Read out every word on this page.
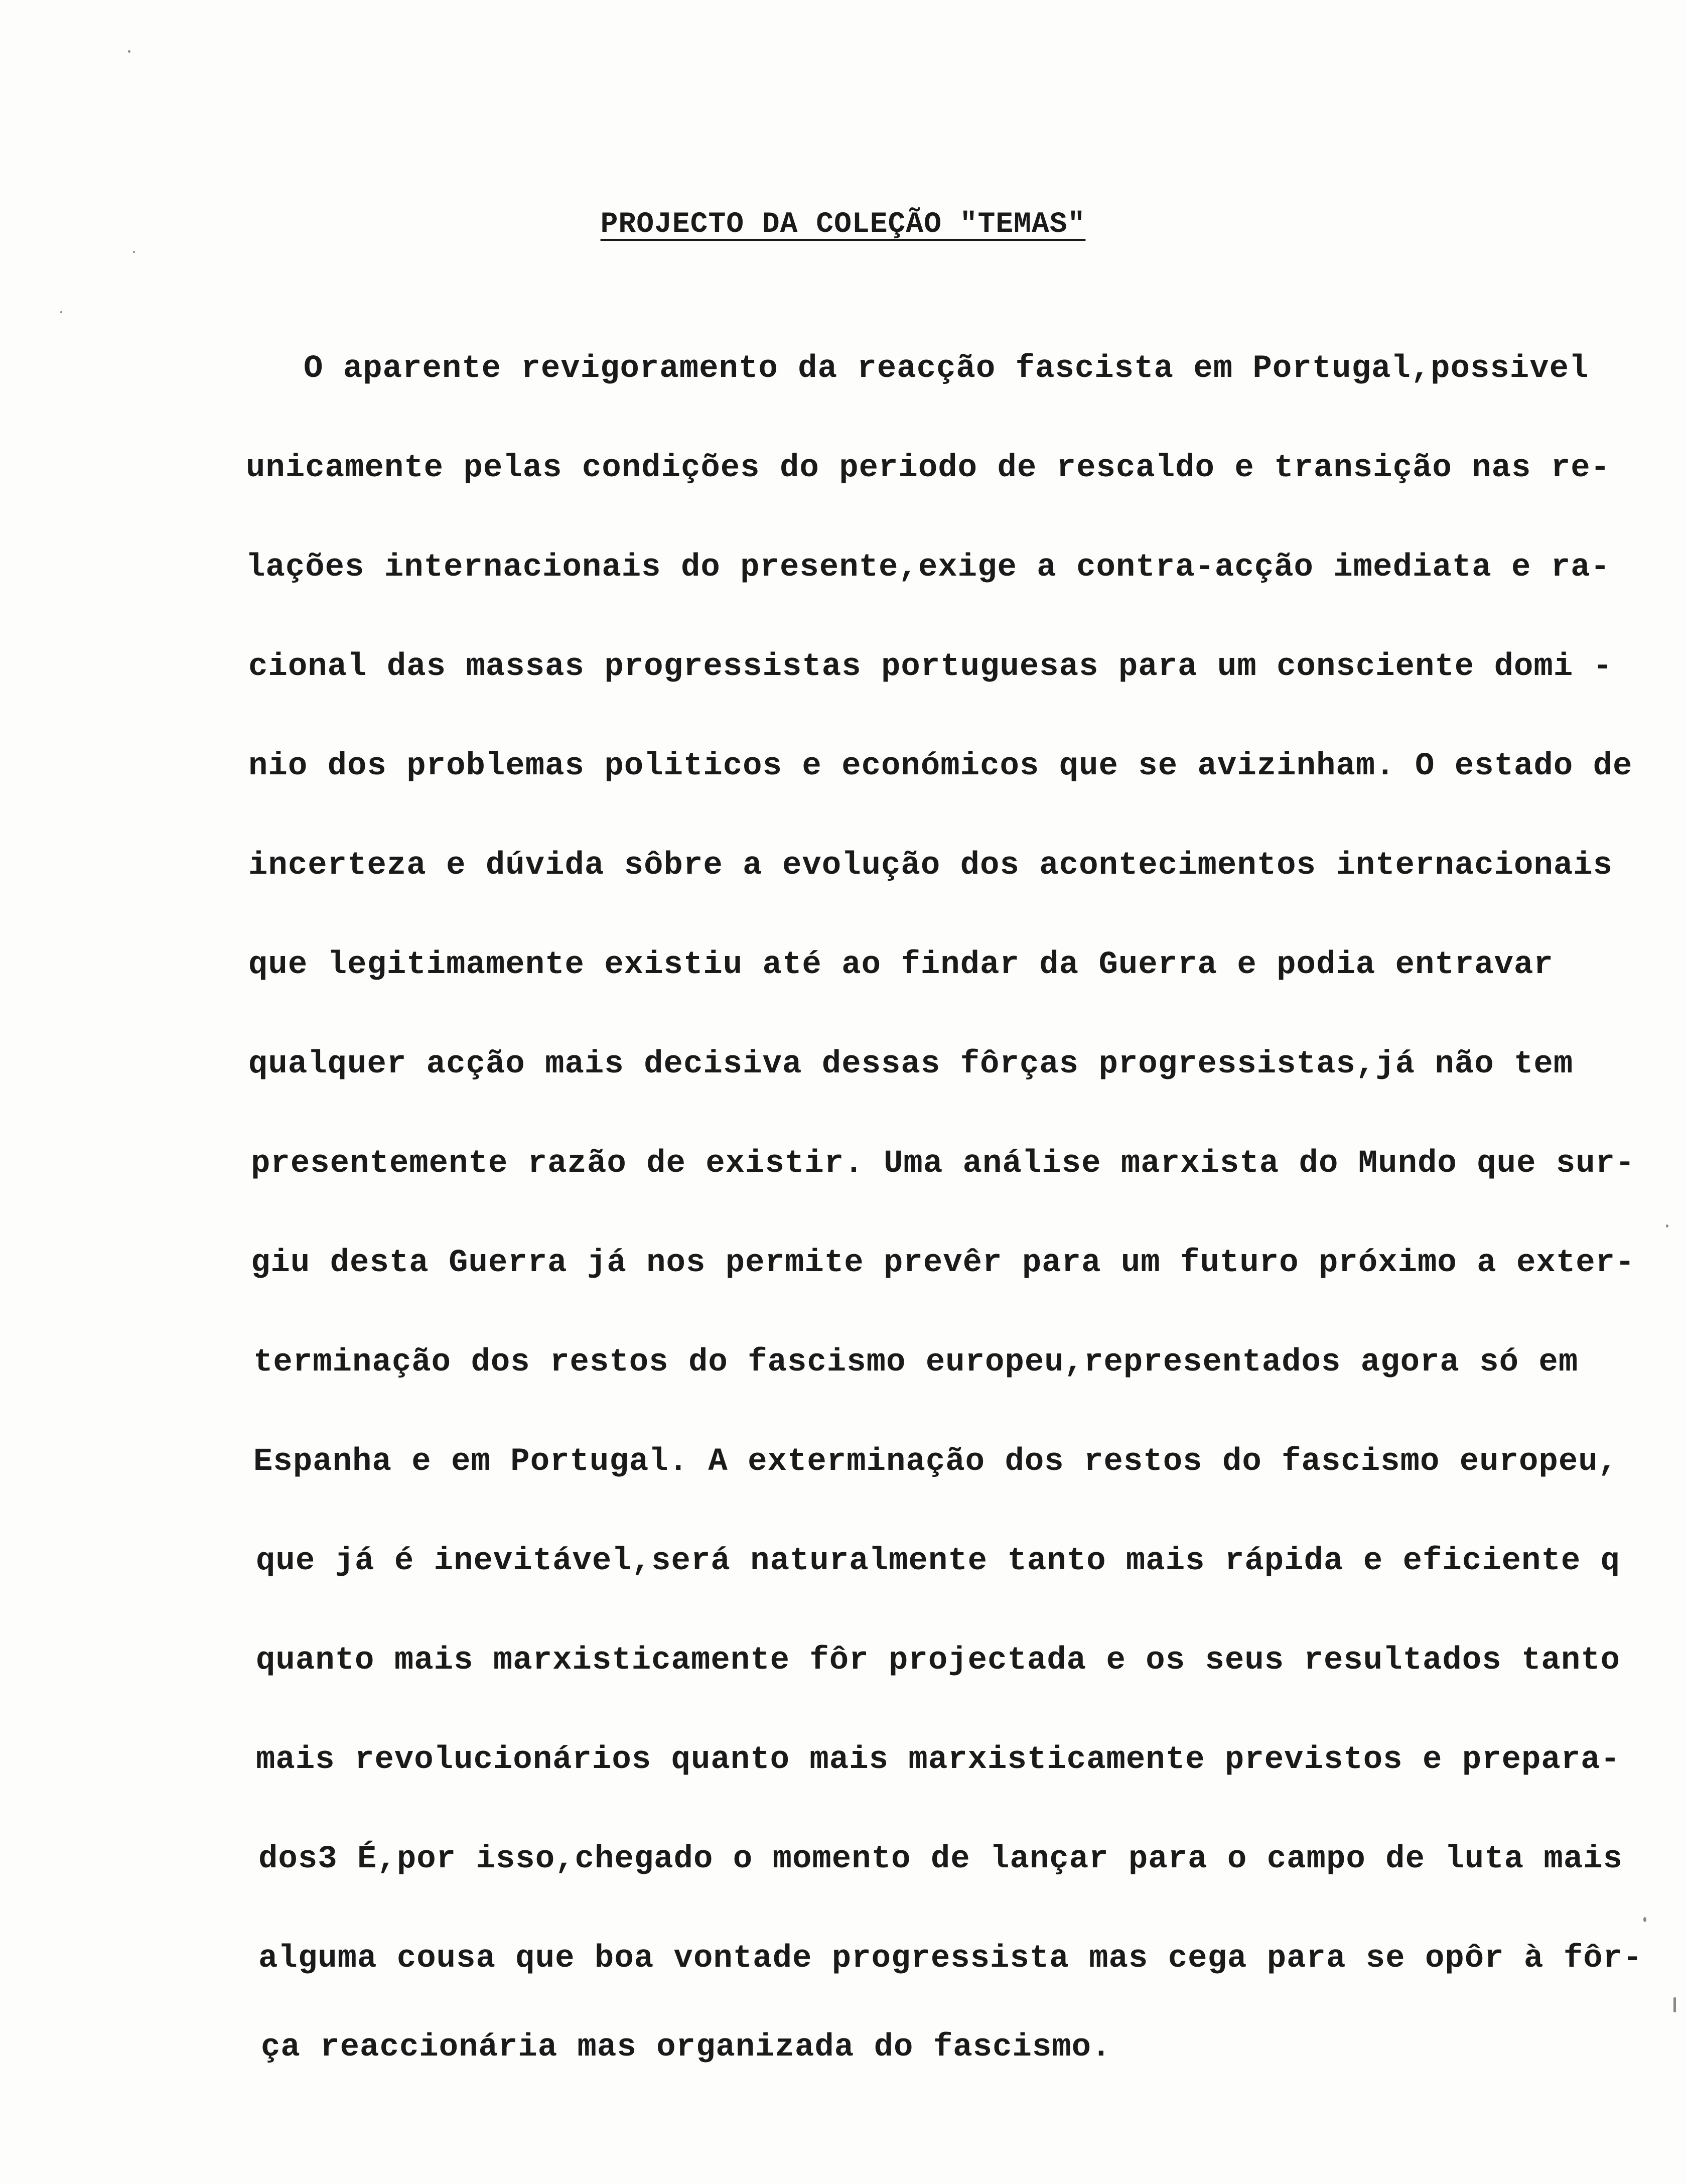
PROJECTO DA COLEÇÃO "TEMAS"
O aparente revigoramento da reacção fascista em Portugal,possivel
unicamente pelas condições do periodo de rescaldo e transição nas re-
lações internacionais do presente,exige a contra-acção imediata e ra-
cional das massas progressistas portuguesas para um consciente domi -
nio dos problemas politicos e económicos que se avizinham. O estado de
incerteza e dúvida sôbre a evolução dos acontecimentos internacionais
que legitimamente existiu até ao findar da Guerra e podia entravar
qualquer acção mais decisiva dessas fôrças progressistas,já não tem
presentemente razão de existir. Uma análise marxista do Mundo que sur-
giu desta Guerra já nos permite prevêr para um futuro próximo a exter-
terminação dos restos do fascismo europeu,representados agora só em
Espanha e em Portugal. A exterminação dos restos do fascismo europeu,
que já é inevitável,será naturalmente tanto mais rápida e eficiente q
quanto mais marxisticamente fôr projectada e os seus resultados tanto
mais revolucionários quanto mais marxisticamente previstos e prepara-
dos3 É,por isso,chegado o momento de lançar para o campo de luta mais
alguma cousa que boa vontade progressista mas cega para se opôr à fôr-
ça reaccionária mas organizada do fascismo.
